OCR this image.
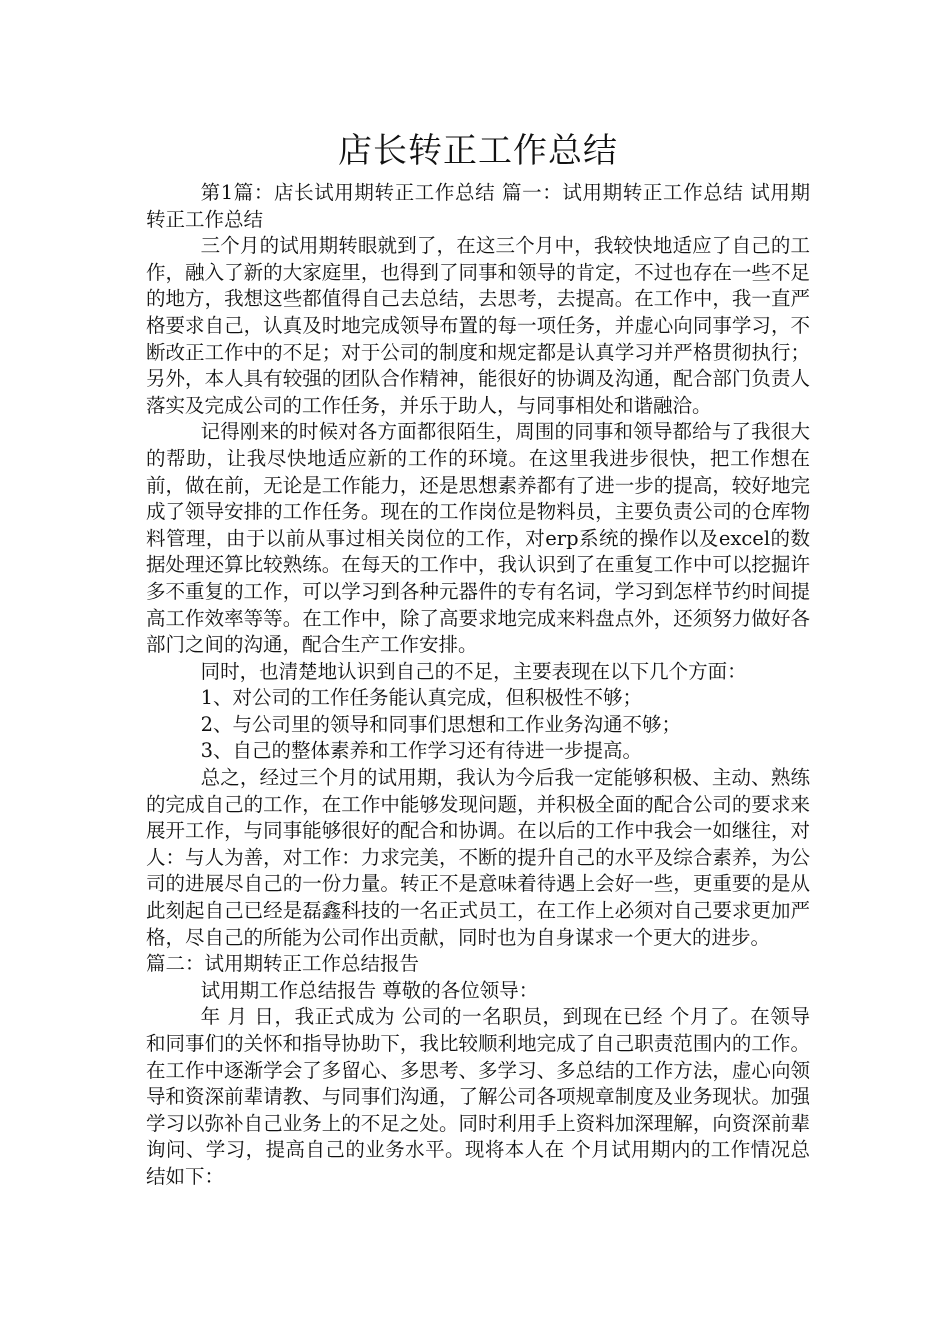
店长转正工作总结

第1篇：店长试用期转正工作总结 篇一：试用期转正工作总结 试用期转正工作总结

三个月的试用期转眼就到了，在这三个月中，我较快地适应了自己的工作，融入了新的大家庭里，也得到了同事和领导的肯定，不过也存在一些不足的地方，我想这些都值得自己去总结，去思考，去提高。在工作中，我一直严格要求自己，认真及时地完成领导布置的每一项任务，并虚心向同事学习，不断改正工作中的不足；对于公司的制度和规定都是认真学习并严格贯彻执行；另外，本人具有较强的团队合作精神，能很好的协调及沟通，配合部门负责人落实及完成公司的工作任务，并乐于助人，与同事相处和谐融洽。

记得刚来的时候对各方面都很陌生，周围的同事和领导都给与了我很大的帮助，让我尽快地适应新的工作的环境。在这里我进步很快，把工作想在前，做在前，无论是工作能力，还是思想素养都有了进一步的提高，较好地完成了领导安排的工作任务。现在的工作岗位是物料员，主要负责公司的仓库物料管理，由于以前从事过相关岗位的工作，对erp系统的操作以及excel的数据处理还算比较熟练。在每天的工作中，我认识到了在重复工作中可以挖掘许多不重复的工作，可以学习到各种元器件的专有名词，学习到怎样节约时间提高工作效率等等。在工作中，除了高要求地完成来料盘点外，还须努力做好各部门之间的沟通，配合生产工作安排。

同时，也清楚地认识到自己的不足，主要表现在以下几个方面：

1、对公司的工作任务能认真完成，但积极性不够；

2、与公司里的领导和同事们思想和工作业务沟通不够；

3、自己的整体素养和工作学习还有待进一步提高。

总之，经过三个月的试用期，我认为今后我一定能够积极、主动、熟练的完成自己的工作，在工作中能够发现问题，并积极全面的配合公司的要求来展开工作，与同事能够很好的配合和协调。在以后的工作中我会一如继往，对人：与人为善，对工作：力求完美，不断的提升自己的水平及综合素养，为公司的进展尽自己的一份力量。转正不是意味着待遇上会好一些，更重要的是从此刻起自己已经是磊鑫科技的一名正式员工，在工作上必须对自己要求更加严格，尽自己的所能为公司作出贡献，同时也为自身谋求一个更大的进步。

篇二：试用期转正工作总结报告

试用期工作总结报告 尊敬的各位领导：

年 月 日，我正式成为 公司的一名职员，到现在已经 个月了。在领导和同事们的关怀和指导协助下，我比较顺利地完成了自己职责范围内的工作。在工作中逐渐学会了多留心、多思考、多学习、多总结的工作方法，虚心向领导和资深前辈请教、与同事们沟通，了解公司各项规章制度及业务现状。加强学习以弥补自己业务上的不足之处。同时利用手上资料加深理解，向资深前辈询问、学习，提高自己的业务水平。现将本人在 个月试用期内的工作情况总结如下：
